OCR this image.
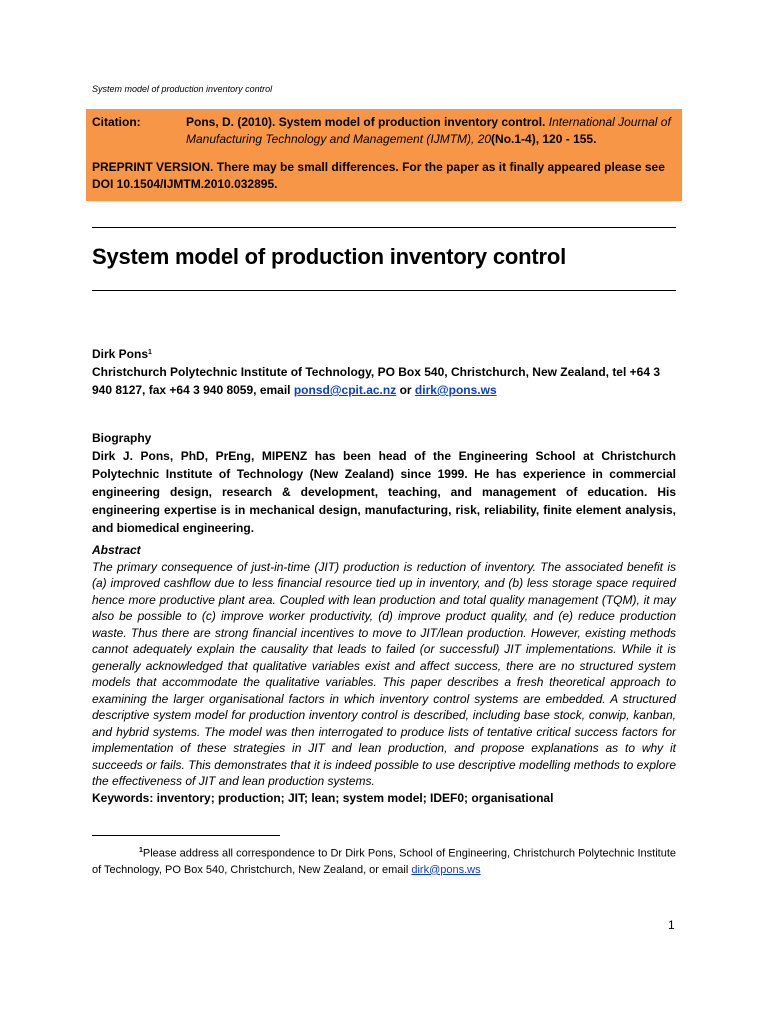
System model of production inventory control
Citation:	Pons, D. (2010). System model of production inventory control. International Journal of Manufacturing Technology and Management (IJMTM), 20(No.1-4), 120 - 155.
PREPRINT VERSION. There may be small differences. For the paper as it finally appeared please see DOI 10.1504/IJMTM.2010.032895.
System model of production inventory control
Dirk Pons$^1$
Christchurch Polytechnic Institute of Technology, PO Box 540, Christchurch, New Zealand, tel +64 3 940 8127, fax +64 3 940 8059, email ponsd@cpit.ac.nz or dirk@pons.ws
Biography
Dirk J. Pons, PhD, PrEng, MIPENZ has been head of the Engineering School at Christchurch Polytechnic Institute of Technology (New Zealand) since 1999. He has experience in commercial engineering design, research & development, teaching, and management of education. His engineering expertise is in mechanical design, manufacturing, risk, reliability, finite element analysis, and biomedical engineering.
Abstract
The primary consequence of just-in-time (JIT) production is reduction of inventory. The associated benefit is (a) improved cashflow due to less financial resource tied up in inventory, and (b) less storage space required hence more productive plant area. Coupled with lean production and total quality management (TQM), it may also be possible to (c) improve worker productivity, (d) improve product quality, and (e) reduce production waste. Thus there are strong financial incentives to move to JIT/lean production. However, existing methods cannot adequately explain the causality that leads to failed (or successful) JIT implementations. While it is generally acknowledged that qualitative variables exist and affect success, there are no structured system models that accommodate the qualitative variables. This paper describes a fresh theoretical approach to examining the larger organisational factors in which inventory control systems are embedded. A structured descriptive system model for production inventory control is described, including base stock, conwip, kanban, and hybrid systems. The model was then interrogated to produce lists of tentative critical success factors for implementation of these strategies in JIT and lean production, and propose explanations as to why it succeeds or fails. This demonstrates that it is indeed possible to use descriptive modelling methods to explore the effectiveness of JIT and lean production systems.
Keywords: inventory; production; JIT; lean; system model; IDEF0; organisational
$^1$Please address all correspondence to Dr Dirk Pons, School of Engineering, Christchurch Polytechnic Institute of Technology, PO Box 540, Christchurch, New Zealand, or email dirk@pons.ws
1
